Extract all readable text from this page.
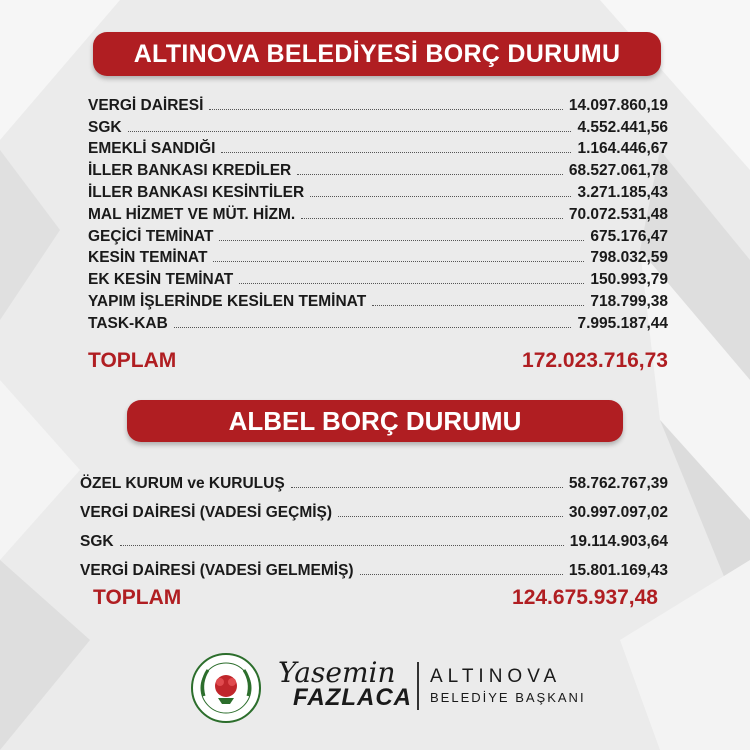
ALTINOVA BELEDİYESİ BORÇ DURUMU
VERGİ DAİRESİ	14.097.860,19
SGK	4.552.441,56
EMEKLİ SANDIĞI	1.164.446,67
İLLER BANKASI KREDİLER	68.527.061,78
İLLER BANKASI KESİNTİLER	3.271.185,43
MAL HİZMET VE MÜT. HİZM.	70.072.531,48
GEÇİCİ TEMİNAT	675.176,47
KESİN TEMİNAT	798.032,59
EK KESİN TEMİNAT	150.993,79
YAPIM İŞLERİNDE KESİLEN TEMİNAT	718.799,38
TASK-KAB	7.995.187,44
TOPLAM	172.023.716,73
ALBEL BORÇ DURUMU
ÖZEL KURUM ve KURULUŞ	58.762.767,39
VERGİ DAİRESİ (VADESİ GEÇMİŞ)	30.997.097,02
SGK	19.114.903,64
VERGİ DAİRESİ (VADESİ GELMEMİŞ)	15.801.169,43
TOPLAM	124.675.937,48
Yasemin
FAZLACA
ALTINOVA
BELEDİYE BAŞKANI
